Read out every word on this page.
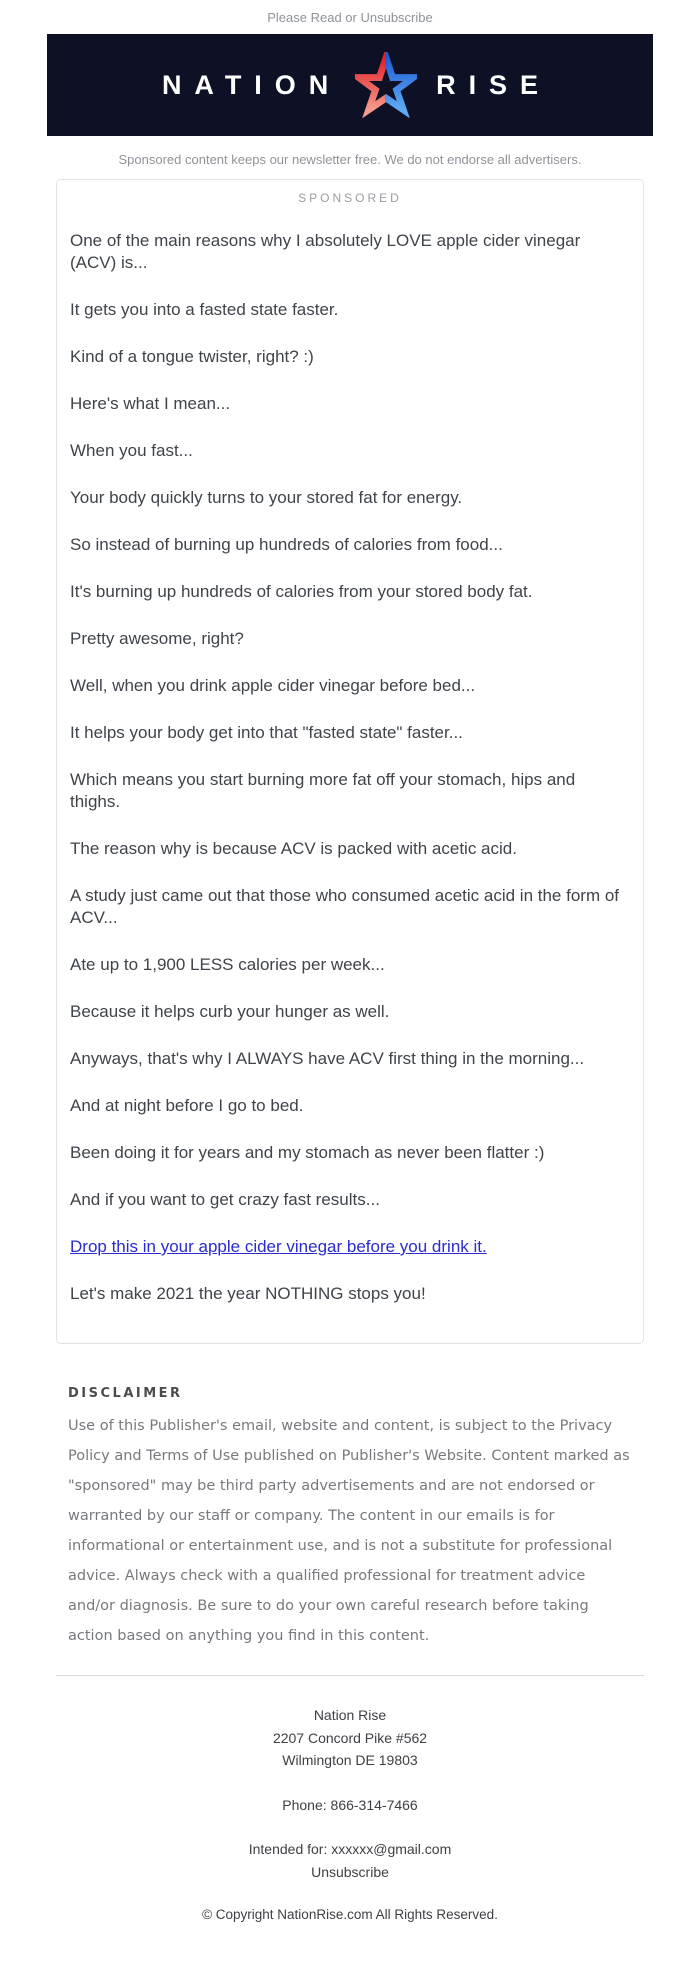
Please Read or Unsubscribe
NATION	RISE
Sponsored content keeps our newsletter free. We do not endorse all advertisers.
SPONSORED

One of the main reasons why I absolutely LOVE apple cider vinegar (ACV) is...

It gets you into a fasted state faster.

Kind of a tongue twister, right? :)

Here's what I mean...

When you fast...

Your body quickly turns to your stored fat for energy.

So instead of burning up hundreds of calories from food...

It's burning up hundreds of calories from your stored body fat.

Pretty awesome, right?

Well, when you drink apple cider vinegar before bed...

It helps your body get into that "fasted state" faster...

Which means you start burning more fat off your stomach, hips and thighs.

The reason why is because ACV is packed with acetic acid.

A study just came out that those who consumed acetic acid in the form of ACV...

Ate up to 1,900 LESS calories per week...

Because it helps curb your hunger as well.

Anyways, that's why I ALWAYS have ACV first thing in the morning...

And at night before I go to bed.

Been doing it for years and my stomach as never been flatter :)

And if you want to get crazy fast results...

Drop this in your apple cider vinegar before you drink it.

Let's make 2021 the year NOTHING stops you!

DISCLAIMER
Use of this Publisher's email, website and content, is subject to the Privacy Policy and Terms of Use published on Publisher's Website. Content marked as "sponsored" may be third party advertisements and are not endorsed or warranted by our staff or company. The content in our emails is for informational or entertainment use, and is not a substitute for professional advice. Always check with a qualified professional for treatment advice and/or diagnosis. Be sure to do your own careful research before taking action based on anything you find in this content.
Nation Rise
2207 Concord Pike #562
Wilmington DE 19803
Phone: 866-314-7466
Intended for: xxxxxx@gmail.com
Unsubscribe
© Copyright NationRise.com All Rights Reserved.
